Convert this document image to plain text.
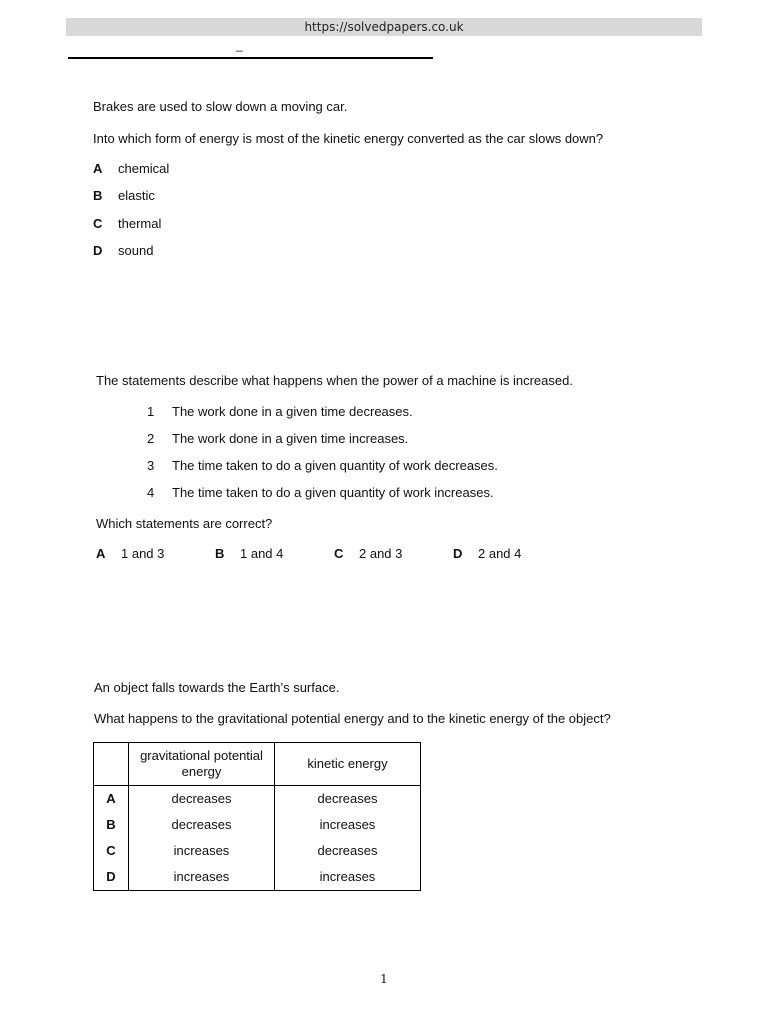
https://solvedpapers.co.uk
_
Brakes are used to slow down a moving car.
Into which form of energy is most of the kinetic energy converted as the car slows down?
A chemical
B elastic
C thermal
D sound
The statements describe what happens when the power of a machine is increased.
1 The work done in a given time decreases.
2 The work done in a given time increases.
3 The time taken to do a given quantity of work decreases.
4 The time taken to do a given quantity of work increases.
Which statements are correct?
A 1 and 3	B 1 and 4	C 2 and 3	D 2 and 4
An object falls towards the Earth’s surface.
What happens to the gravitational potential energy and to the kinetic energy of the object?
	gravitational potential energy	kinetic energy
A	decreases	decreases
B	decreases	increases
C	increases	decreases
D	increases	increases
1
